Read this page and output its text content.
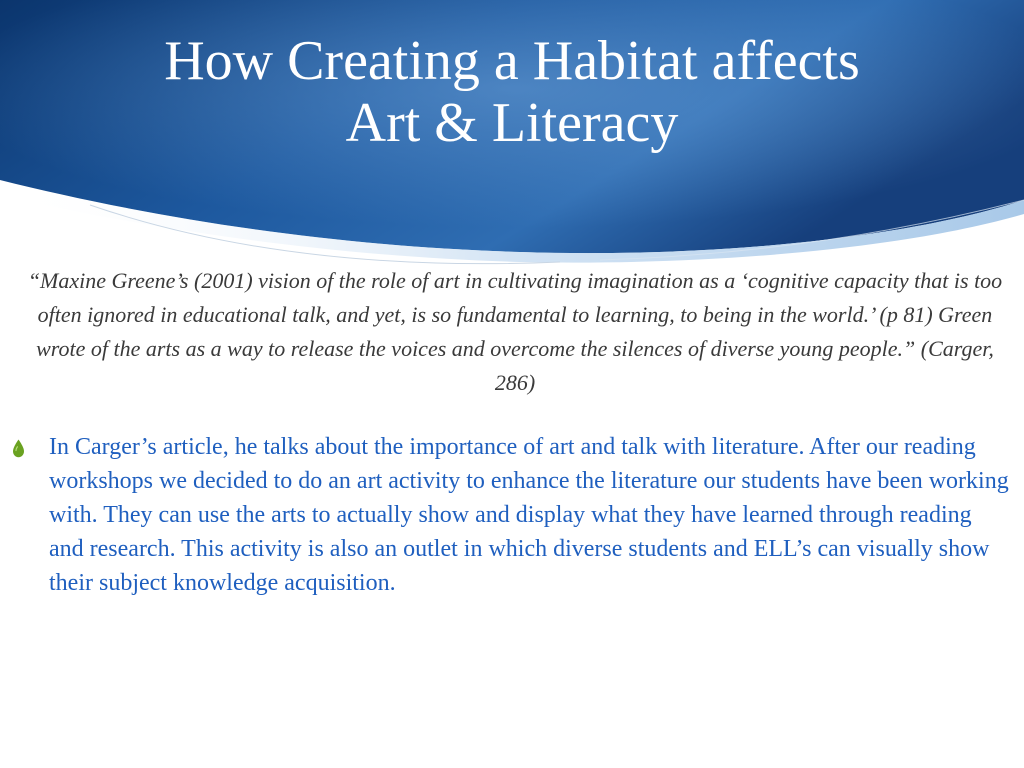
How Creating a Habitat affects
Art & Literacy

“Maxine Greene’s (2001) vision of the role of art in cultivating imagination as a ‘cognitive capacity that is too often ignored in educational talk, and yet, is so fundamental to learning, to being in the world.’ (p 81) Green wrote of the arts as a way to release the voices and overcome the silences of diverse young people.” (Carger, 286)

In Carger’s article, he talks about the importance of art and talk with literature. After our reading workshops we decided to do an art activity to enhance the literature our students have been working with. They can use the arts to actually show and display what they have learned through reading and research. This activity is also an outlet in which diverse students and ELL’s can visually show their subject knowledge acquisition.
